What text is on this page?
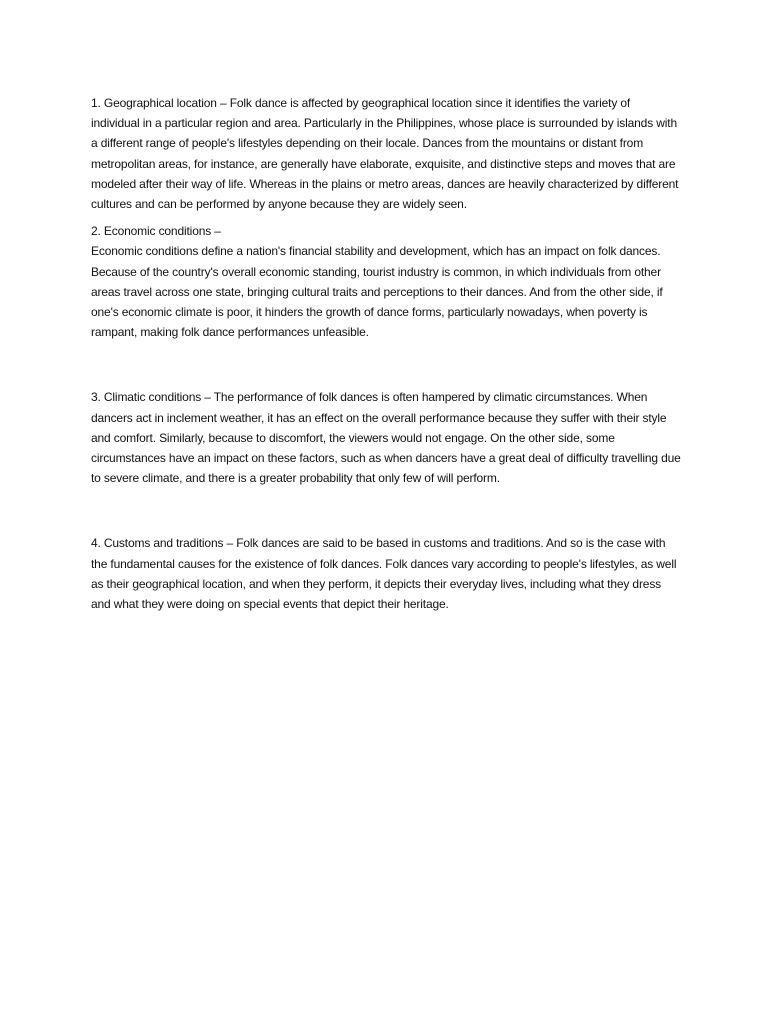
1. Geographical location – Folk dance is affected by geographical location since it identifies the variety of individual in a particular region and area. Particularly in the Philippines, whose place is surrounded by islands with a different range of people's lifestyles depending on their locale. Dances from the mountains or distant from metropolitan areas, for instance, are generally have elaborate, exquisite, and distinctive steps and moves that are modeled after their way of life. Whereas in the plains or metro areas, dances are heavily characterized by different cultures and can be performed by anyone because they are widely seen.

2. Economic conditions –

Economic conditions define a nation's financial stability and development, which has an impact on folk dances. Because of the country's overall economic standing, tourist industry is common, in which individuals from other areas travel across one state, bringing cultural traits and perceptions to their dances. And from the other side, if one's economic climate is poor, it hinders the growth of dance forms, particularly nowadays, when poverty is rampant, making folk dance performances unfeasible.

3. Climatic conditions – The performance of folk dances is often hampered by climatic circumstances. When dancers act in inclement weather, it has an effect on the overall performance because they suffer with their style and comfort. Similarly, because to discomfort, the viewers would not engage. On the other side, some circumstances have an impact on these factors, such as when dancers have a great deal of difficulty travelling due to severe climate, and there is a greater probability that only few of will perform.

4. Customs and traditions – Folk dances are said to be based in customs and traditions. And so is the case with the fundamental causes for the existence of folk dances. Folk dances vary according to people's lifestyles, as well as their geographical location, and when they perform, it depicts their everyday lives, including what they dress and what they were doing on special events that depict their heritage.
